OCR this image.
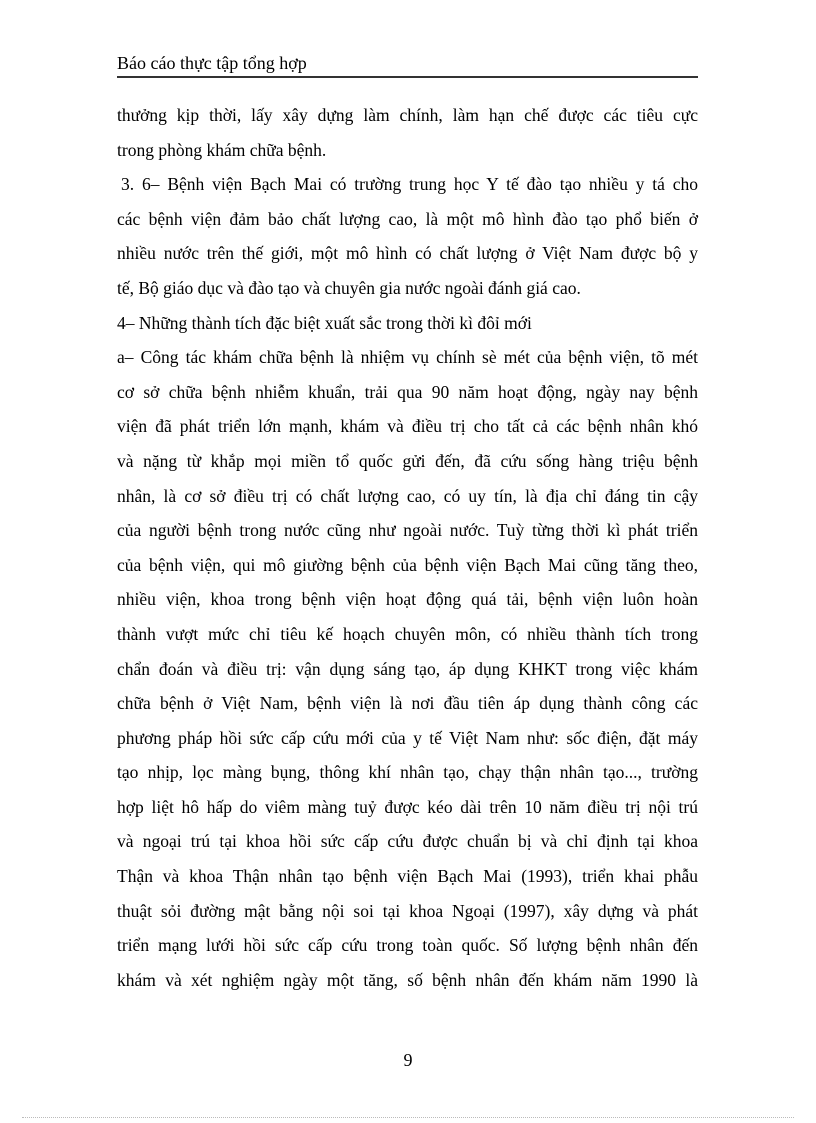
Báo cáo thực tập tổng hợp
thưởng kịp thời, lấy xây dựng làm chính, làm hạn chế được các tiêu cực
trong phòng khám chữa bệnh.
3. 6– Bệnh viện Bạch Mai có trường trung học Y tế đào tạo nhiều y tá cho
các bệnh viện đảm bảo chất lượng cao, là một mô hình đào tạo phổ biến ở
nhiều nước trên thế giới, một mô hình có chất lượng ở Việt Nam được bộ y
tế, Bộ giáo dục và đào tạo và chuyên gia nước ngoài đánh giá cao.
4– Những thành tích đặc biệt xuất sắc trong thời kì đôỉ mới
a– Công tác khám chữa bệnh là nhiệm vụ chính sè mét của bệnh viện, tõ mét
cơ sở chữa bệnh nhiễm khuẩn, trải qua 90 năm hoạt động, ngày nay bệnh
viện đã phát triển lớn mạnh, khám và điều trị cho tất cả các bệnh nhân khó
và nặng từ khắp mọi miền tổ quốc gửi đến, đã cứu sống hàng triệu bệnh
nhân, là cơ sở điều trị có chất lượng cao, có uy tín, là địa chỉ đáng tin cậy
của người bệnh trong nước cũng như ngoài nước. Tuỳ từng thời kì phát triển
của bệnh viện, qui mô giường bệnh của bệnh viện Bạch Mai cũng tăng theo,
nhiều viện, khoa trong bệnh viện hoạt động quá tải, bệnh viện luôn hoàn
thành vượt mức chỉ tiêu kế hoạch chuyên môn, có nhiều thành tích trong
chẩn đoán và điều trị: vận dụng sáng tạo, áp dụng KHKT trong việc khám
chữa bệnh ở Việt Nam, bệnh viện là nơi đầu tiên áp dụng thành công các
phương pháp hồi sức cấp cứu mới của y tế Việt Nam như: sốc điện, đặt máy
tạo nhịp, lọc màng bụng, thông khí nhân tạo, chạy thận nhân tạo..., trường
hợp liệt hô hấp do viêm màng tuỷ được kéo dài trên 10 năm điều trị nội trú
và ngoại trú tại khoa hồi sức cấp cứu được chuẩn bị và chỉ định tại khoa
Thận và khoa Thận nhân tạo bệnh viện Bạch Mai (1993), triển khai phẫu
thuật sỏi đường mật bằng nội soi tại khoa Ngoại (1997), xây dựng và phát
triển mạng lưới hồi sức cấp cứu trong toàn quốc. Số lượng bệnh nhân đến
khám và xét nghiệm ngày một tăng, số bệnh nhân đến khám năm 1990 là
9
